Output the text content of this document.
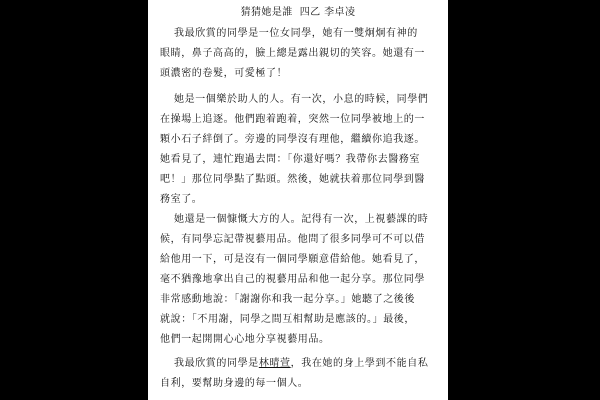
猜猜她是誰  四乙 李卓凌
我最欣賞的同學是一位女同學，她有一雙炯炯有神的
眼睛，鼻子高高的，臉上總是露出親切的笑容。她還有一
頭濃密的卷髮，可愛極了！
她是一個樂於助人的人。有一次，小息的時候，同學們
在操場上追逐。他們跑着跑着，突然一位同學被地上的一
顆小石子絆倒了。旁邊的同學沒有理他，繼續你追我逐。
她看見了，連忙跑過去問：「你還好嗎？我帶你去醫務室
吧！」那位同學點了點頭。然後，她就扶着那位同學到醫
務室了。
她還是一個慷慨大方的人。記得有一次，上視藝課的時
候，有同學忘記帶視藝用品。他問了很多同學可不可以借
給他用一下，可是沒有一個同學願意借給他。她看見了，
毫不猶豫地拿出自己的視藝用品和他一起分享。那位同學
非常感動地說：「謝謝你和我一起分享。」她聽了之後後
就說：「不用謝，同學之間互相幫助是應該的。」最後，
他們一起開開心心地分享視藝用品。
我最欣賞的同學是林晴萱，我在她的身上學到不能自私
自利，要幫助身邊的每一個人。
